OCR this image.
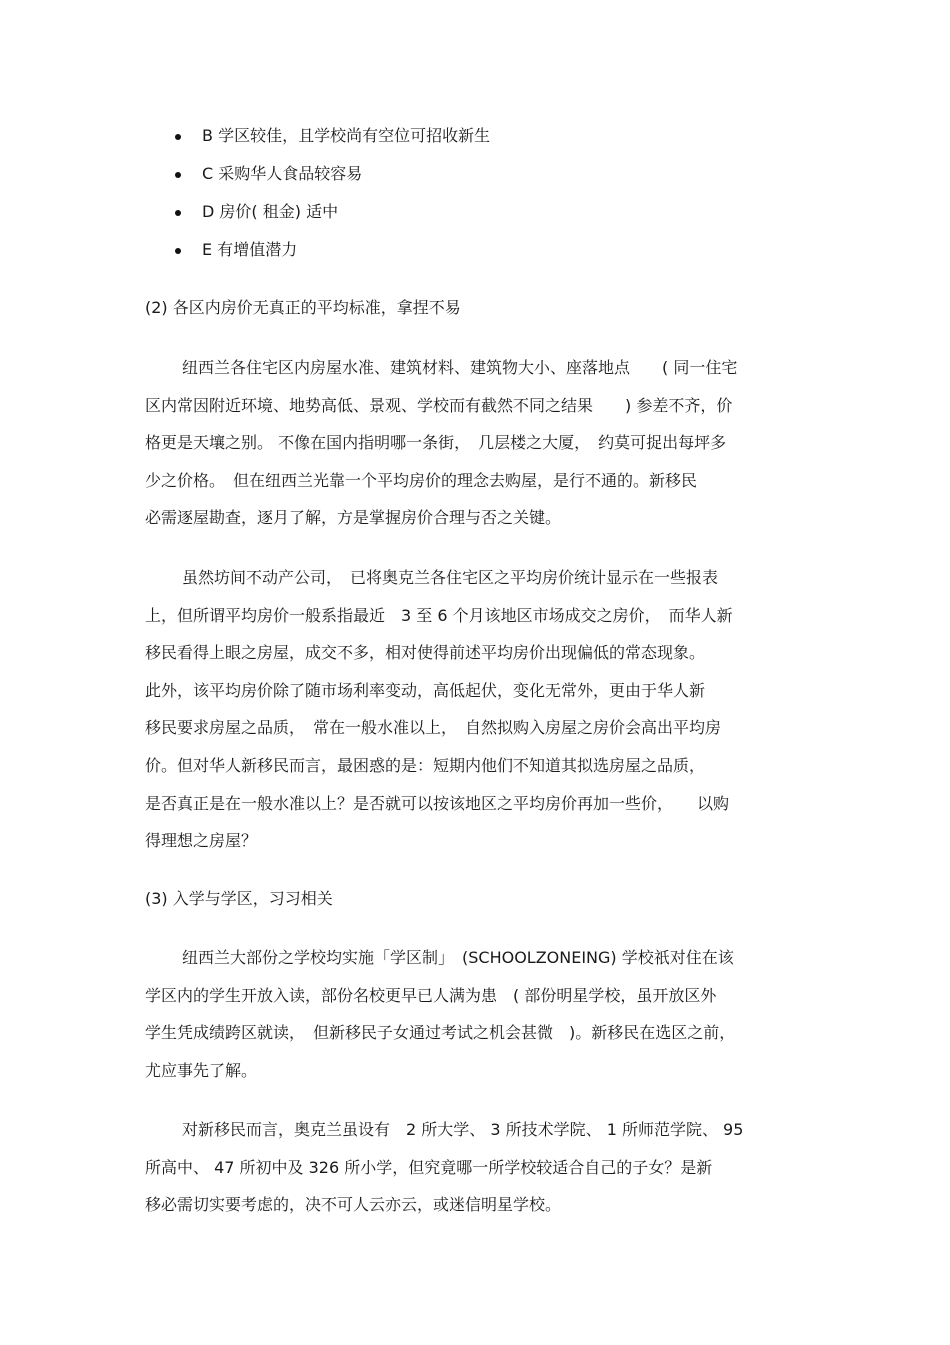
B 学区较佳，且学校尚有空位可招收新生
C 采购华人食品较容易
D 房价( 租金) 适中
E 有增值潜力
(2) 各区内房价无真正的平均标准，拿捏不易
纽西兰各住宅区内房屋水准、建筑材料、建筑物大小、座落地点　　( 同一住宅
区内常因附近环境、地势高低、景观、学校而有截然不同之结果　　) 参差不齐，价
格更是天壤之别。 不像在国内指明哪一条街，　几层楼之大厦，　约莫可捉出每坪多
少之价格。　但在纽西兰光靠一个平均房价的理念去购屋，是行不通的。新移民
必需逐屋勘查，逐月了解，方是掌握房价合理与否之关键。
虽然坊间不动产公司，　已将奥克兰各住宅区之平均房价统计显示在一些报表
上，但所谓平均房价一般系指最近　3 至 6 个月该地区市场成交之房价，　而华人新
移民看得上眼之房屋，成交不多，相对使得前述平均房价出现偏低的常态现象。
此外，该平均房价除了随市场利率变动，高低起伏，变化无常外，更由于华人新
移民要求房屋之品质，　常在一般水准以上，　自然拟购入房屋之房价会高出平均房
价。但对华人新移民而言，最困惑的是：短期内他们不知道其拟选房屋之品质，
是否真正是在一般水准以上？是否就可以按该地区之平均房价再加一些价，　　以购
得理想之房屋？
(3) 入学与学区，习习相关
纽西兰大部份之学校均实施「学区制」　(SCHOOLZONEING) 学校祇对住在该
学区内的学生开放入读，部份名校更早已人满为患　( 部份明星学校，虽开放区外
学生凭成绩跨区就读，　但新移民子女通过考试之机会甚微　)。新移民在选区之前，
尤应事先了解。
对新移民而言，奥克兰虽设有　2 所大学、 3 所技术学院、 1 所师范学院、 95
所高中、 47 所初中及 326 所小学，但究竟哪一所学校较适合自己的子女？是新
移必需切实要考虑的，决不可人云亦云，或迷信明星学校。
